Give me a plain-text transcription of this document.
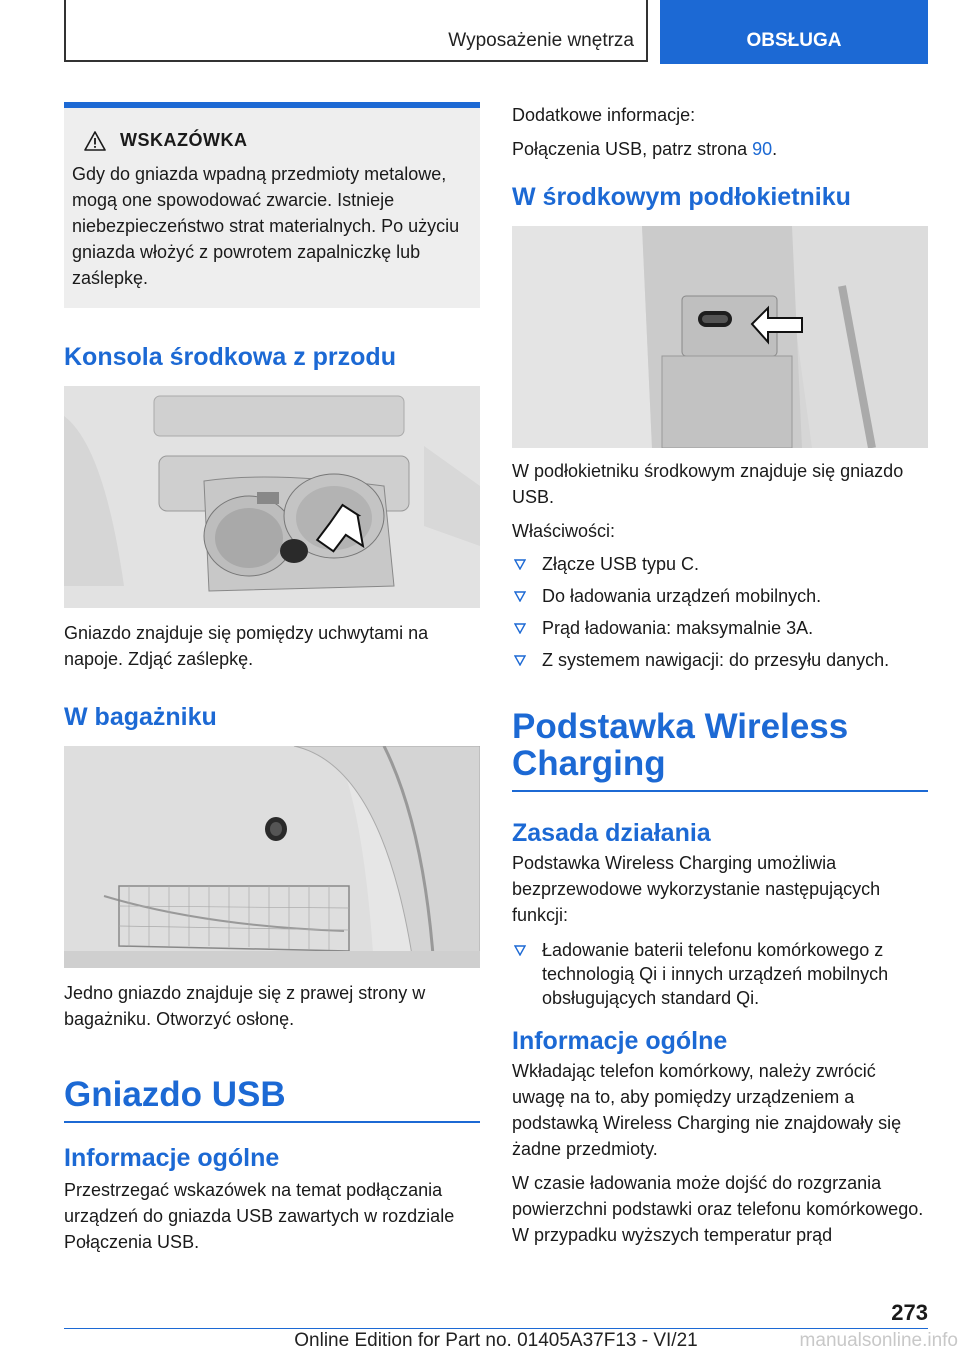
Wyposażenie wnętrza	OBSŁUGA
WSKAZÓWKA

Gdy do gniazda wpadną przedmioty metalowe, mogą one spowodować zwarcie. Istnieje niebezpieczeństwo strat materialnych. Po użyciu gniazda włożyć z powrotem zapalniczkę lub zaślepkę.

Konsola środkowa z przodu

Gniazdo znajduje się pomiędzy uchwytami na napoje. Zdjąć zaślepkę.

W bagażniku

Jedno gniazdo znajduje się z prawej strony w bagażniku. Otworzyć osłonę.

Gniazdo USB
Informacje ogólne

Przestrzegać wskazówek na temat podłączania urządzeń do gniazda USB zawartych w rozdziale Połączenia USB.

Dodatkowe informacje:

Połączenia USB, patrz strona 90.

W środkowym podłokietniku

W podłokietniku środkowym znajduje się gniazdo USB.

Właściwości:

Złącze USB typu C.
Do ładowania urządzeń mobilnych.
Prąd ładowania: maksymalnie 3A.
Z systemem nawigacji: do przesyłu danych.
Podstawka Wireless Charging
Zasada działania

Podstawka Wireless Charging umożliwia bezprzewodowe wykorzystanie następujących funkcji:

Ładowanie baterii telefonu komórkowego z technologią Qi i innych urządzeń mobilnych obsługujących standard Qi.
Informacje ogólne

Wkładając telefon komórkowy, należy zwrócić uwagę na to, aby pomiędzy urządzeniem a podstawką Wireless Charging nie znajdowały się żadne przedmioty.

W czasie ładowania może dojść do rozgrzania powierzchni podstawki oraz telefonu komórkowego. W przypadku wyższych temperatur prąd

273
Online Edition for Part no. 01405A37F13 - VI/21	manualsonline.info
